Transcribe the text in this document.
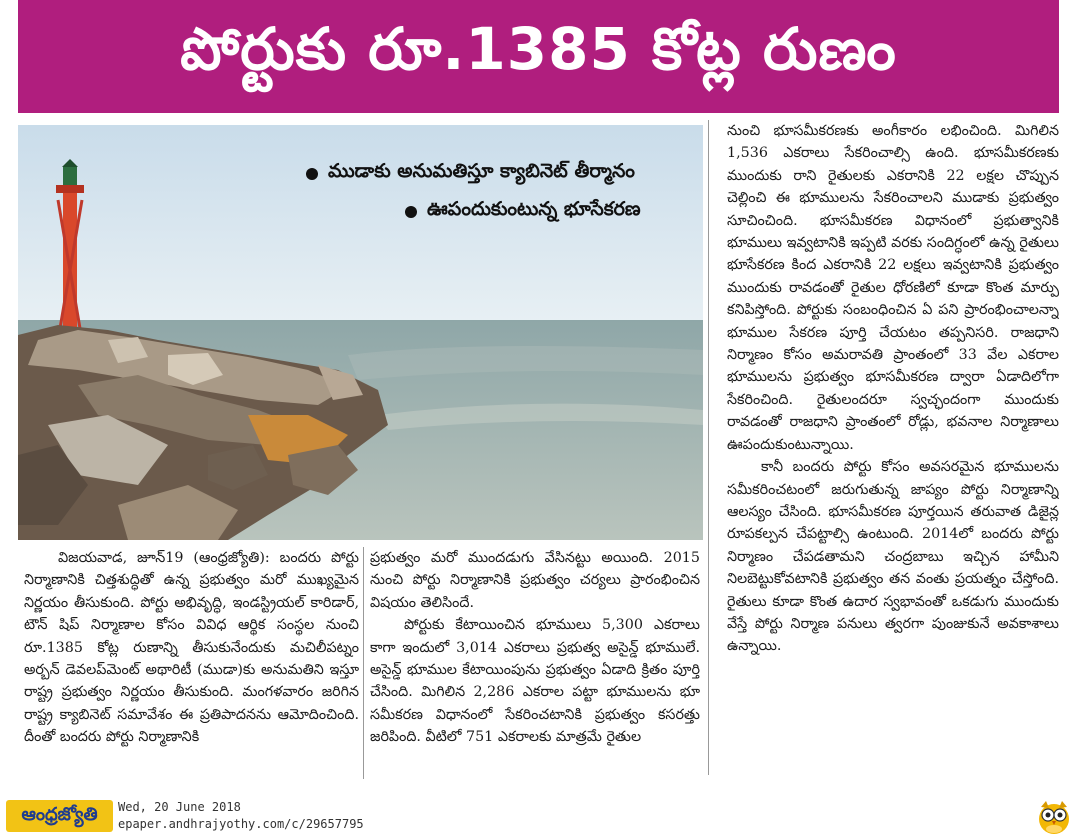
పోర్టుకు రూ.1385 కోట్ల రుణం
ముడాకు అనుమతిస్తూ క్యాబినెట్ తీర్మానం
ఊపందుకుంటున్న భూసేకరణ

విజయవాడ, జూన్19 (ఆంధ్రజ్యోతి): బందరు పోర్టు నిర్మాణానికి చిత్తశుద్ధితో ఉన్న ప్రభుత్వం మరో ముఖ్యమైన నిర్ణయం తీసుకుంది. పోర్టు అభివృద్ధి, ఇండస్ట్రియల్ కారిడార్, టౌన్ షిప్ నిర్మాణాల కోసం వివిధ ఆర్థిక సంస్థల నుంచి రూ.1385 కోట్ల రుణాన్ని తీసుకునేందుకు మచిలీపట్నం అర్బన్ డెవలప్‌మెంట్ అథారిటీ (ముడా)కు అనుమతిని ఇస్తూ రాష్ట్ర ప్రభుత్వం నిర్ణయం తీసుకుంది. మంగళవారం జరిగిన రాష్ట్ర క్యాబినెట్ సమావేశం ఈ ప్రతిపాదనను ఆమోదించింది. దీంతో బందరు పోర్టు నిర్మాణానికి

ప్రభుత్వం మరో ముందడుగు వేసినట్టు అయింది. 2015 నుంచి పోర్టు నిర్మాణానికి ప్రభుత్వం చర్యలు ప్రారంభించిన విషయం తెలిసిందే.

పోర్టుకు కేటాయించిన భూములు 5,300 ఎకరాలు కాగా ఇందులో 3,014 ఎకరాలు ప్రభుత్వ అసైన్డ్ భూములే. అసైన్డ్ భూముల కేటాయింపును ప్రభుత్వం ఏడాది క్రితం పూర్తి చేసింది. మిగిలిన 2,286 ఎకరాల పట్టా భూములను భూ సమీకరణ విధానంలో సేకరించటానికి ప్రభుత్వం కసరత్తు జరిపింది. వీటిలో 751 ఎకరాలకు మాత్రమే రైతుల

నుంచి భూసమీకరణకు అంగీకారం లభించింది. మిగిలిన 1,536 ఎకరాలు సేకరించాల్సి ఉంది. భూసమీకరణకు ముందుకు రాని రైతులకు ఎకరానికి 22 లక్షల చొప్పున చెల్లించి ఈ భూములను సేకరించాలని ముడాకు ప్రభుత్వం సూచించింది. భూసమీకరణ విధానంలో ప్రభుత్వానికి భూములు ఇవ్వటానికి ఇప్పటి వరకు సందిగ్ధంలో ఉన్న రైతులు భూసేకరణ కింద ఎకరానికి 22 లక్షలు ఇవ్వటానికి ప్రభుత్వం ముందుకు రావడంతో రైతుల ధోరణిలో కూడా కొంత మార్పు కనిపిస్తోంది. పోర్టుకు సంబంధించిన ఏ పని ప్రారంభించాలన్నా భూముల సేకరణ పూర్తి చేయటం తప్పనిసరి. రాజధాని నిర్మాణం కోసం అమరావతి ప్రాంతంలో 33 వేల ఎకరాల భూములను ప్రభుత్వం భూసమీకరణ ద్వారా ఏడాదిలోగా సేకరించింది. రైతులందరూ స్వచ్ఛందంగా ముందుకు రావడంతో రాజధాని ప్రాంతంలో రోడ్లు, భవనాల నిర్మాణాలు ఊపందుకుంటున్నాయి.

కానీ బందరు పోర్టు కోసం అవసరమైన భూములను సమీకరించటంలో జరుగుతున్న జాప్యం పోర్టు నిర్మాణాన్ని ఆలస్యం చేసింది. భూసమీకరణ పూర్తయిన తరువాత డిజైన్ల రూపకల్పన చేపట్టాల్సి ఉంటుంది. 2014లో బందరు పోర్టు నిర్మాణం చేపడతామని చంద్రబాబు ఇచ్చిన హామీని నిలబెట్టుకోవటానికి ప్రభుత్వం తన వంతు ప్రయత్నం చేస్తోంది. రైతులు కూడా కొంత ఉదార స్వభావంతో ఒకడుగు ముందుకు వేస్తే పోర్టు నిర్మాణ పనులు త్వరగా పుంజుకునే అవకాశాలు ఉన్నాయి.

ఆంధ్రజ్యోతి Wed, 20 June 2018
epaper.andhrajyothy.com/c/29657795
